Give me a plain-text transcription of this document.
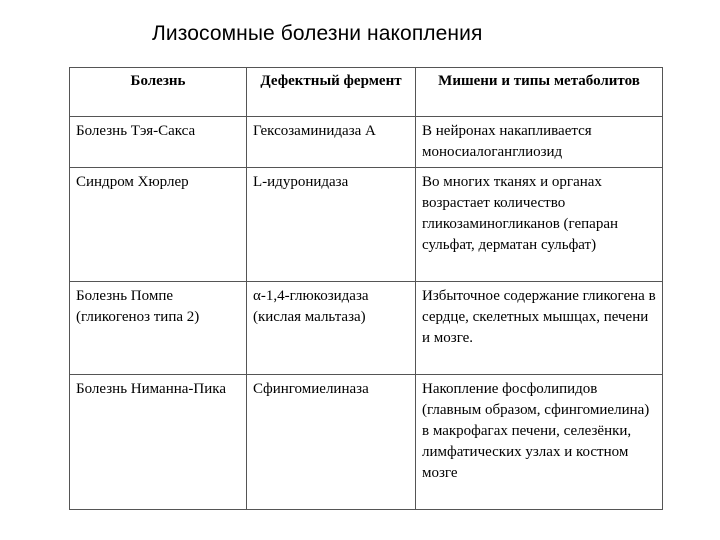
Лизосомные болезни накопления
Болезнь	Дефектный фермент	Мишени и типы метаболитов
Болезнь Тэя-Сакса	Гексозаминидаза А	В нейронах накапливается моносиалоганглиозид
Синдром Хюрлер	L-идуронидаза	Во многих тканях и органах возрастает количество гликозаминогликанов (гепаран сульфат, дерматан сульфат)
Болезнь Помпе (гликогеноз типа 2)	α-1,4-глюкозидаза (кислая мальтаза)	Избыточное содержание гликогена в сердце, скелетных мышцах, печени и мозге.
Болезнь Ниманна-Пика	Сфингомиелиназа	Накопление фосфолипидов (главным образом, сфингомиелина) в макрофагах печени, селезёнки, лимфатических узлах и костном мозге
